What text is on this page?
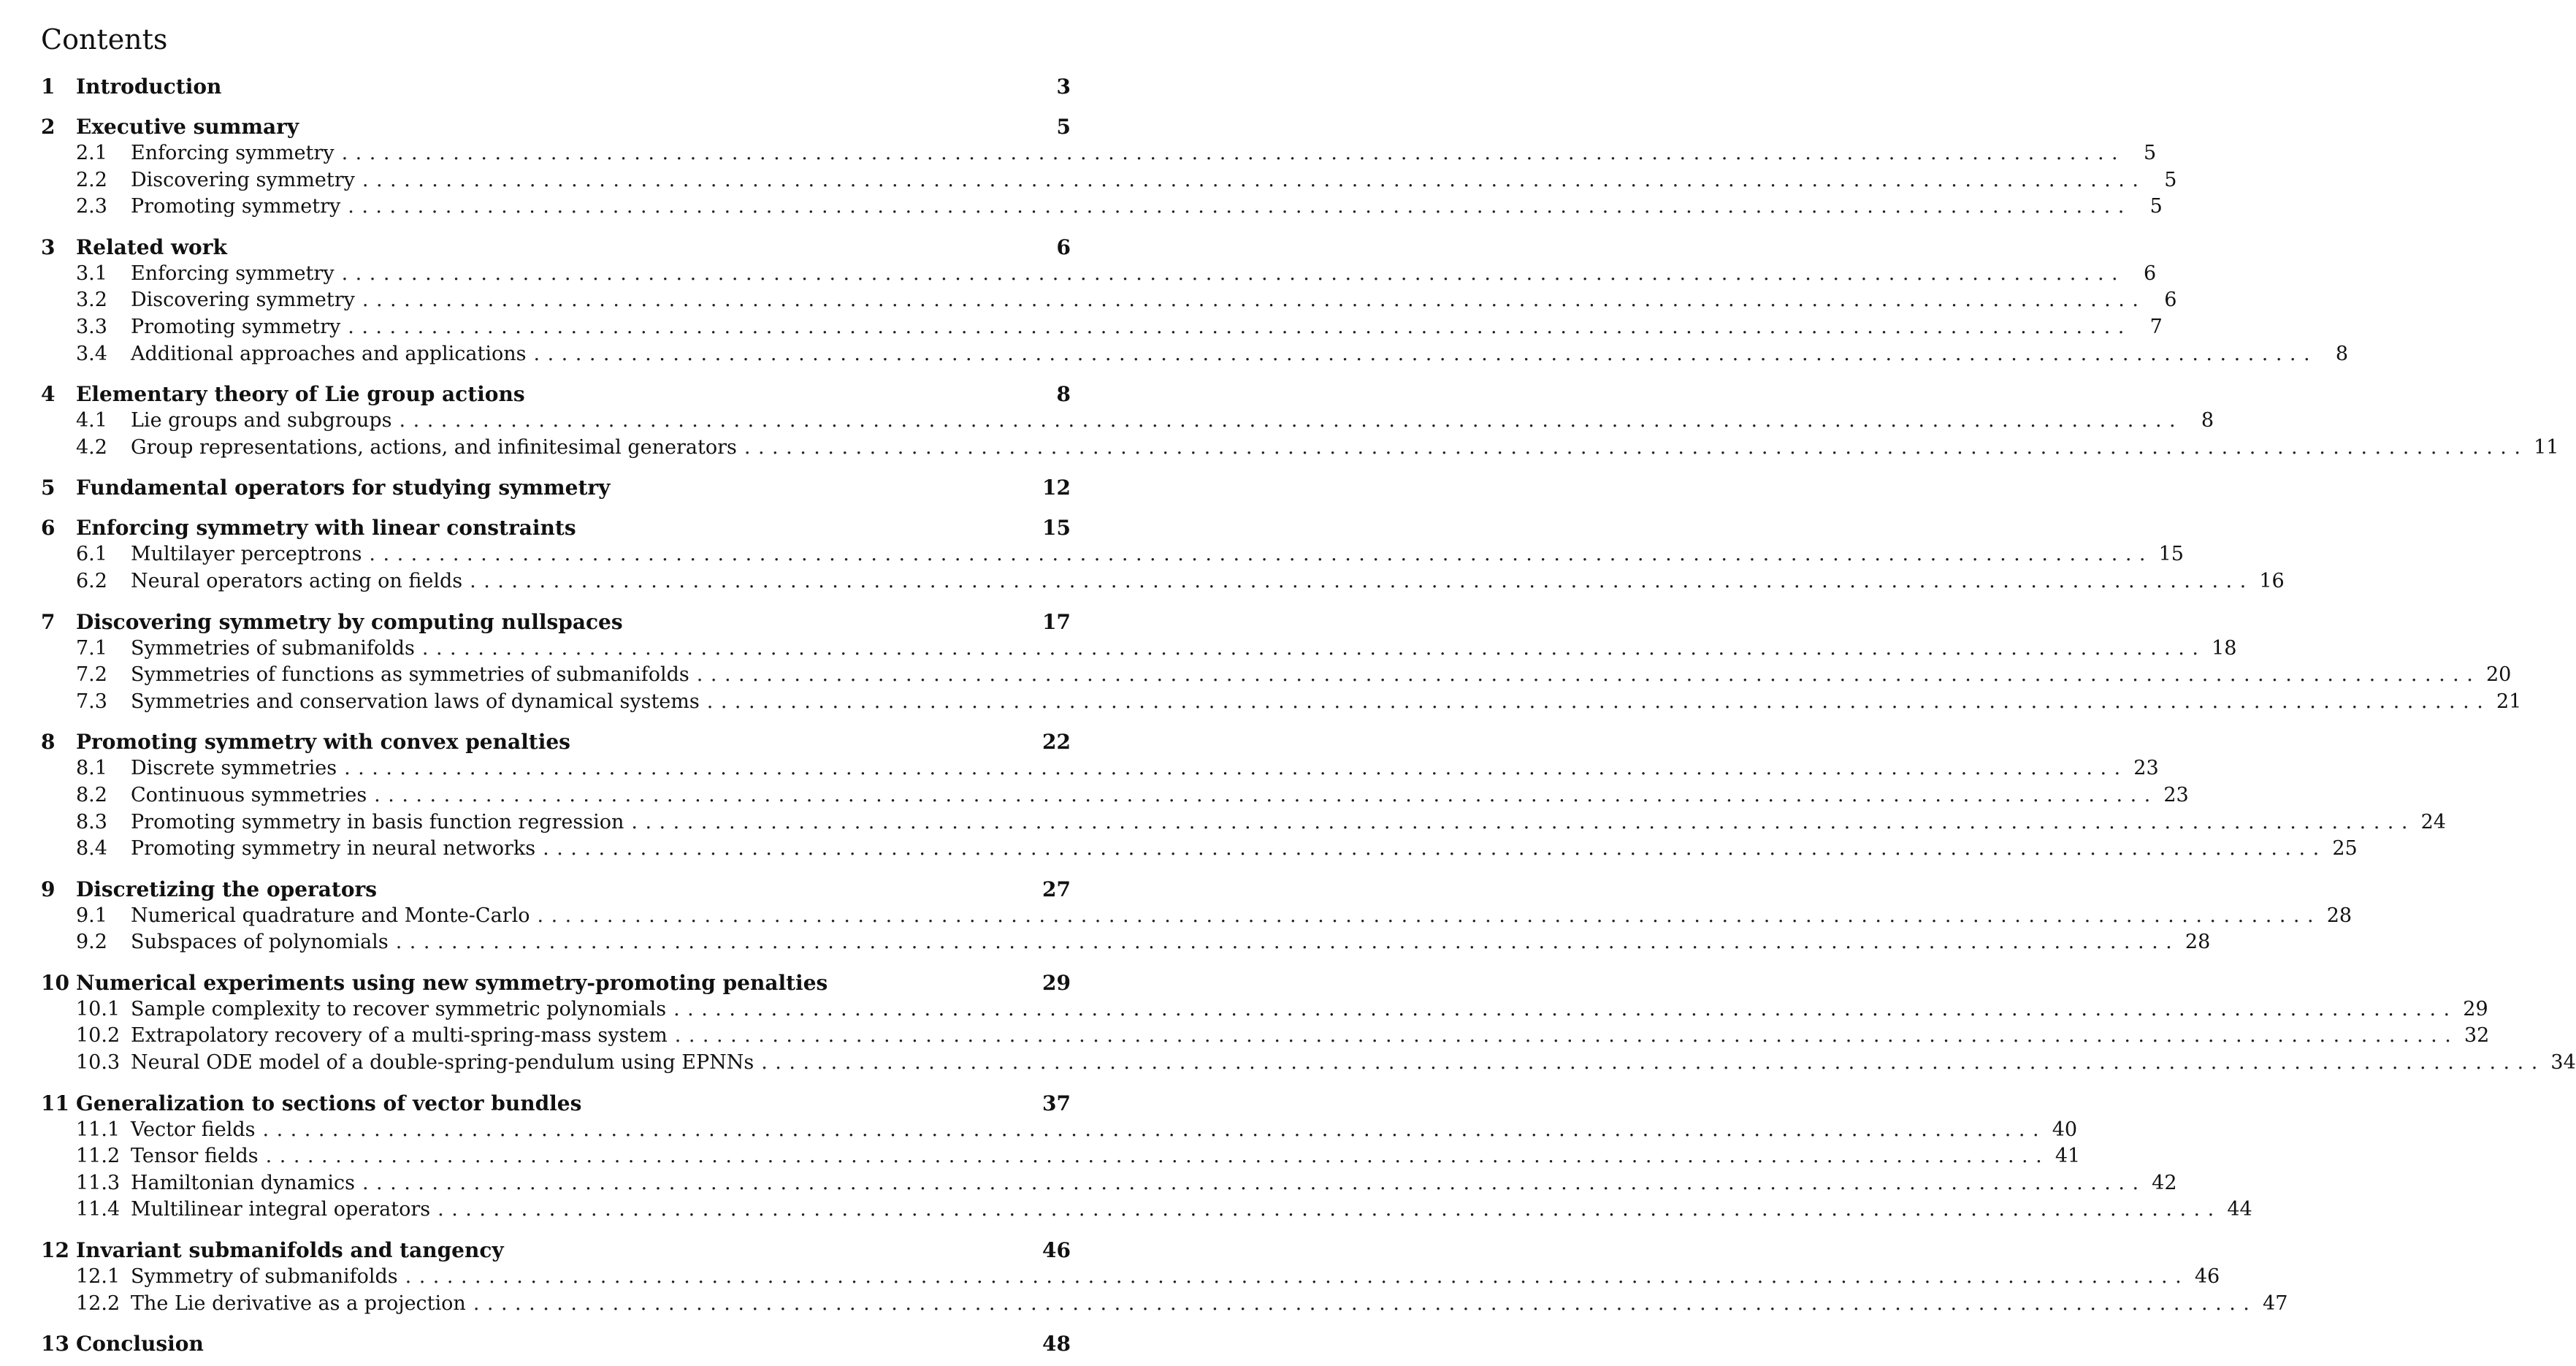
Contents
1	Introduction	3
2	Executive summary	5
2.1	Enforcing symmetry ................................................................................................................................ 5
2.2	Discovering symmetry ................................................................................................................................ 5
2.3	Promoting symmetry ................................................................................................................................ 5
3	Related work	6
3.1	Enforcing symmetry ................................................................................................................................ 6
3.2	Discovering symmetry ................................................................................................................................ 6
3.3	Promoting symmetry ................................................................................................................................ 7
3.4	Additional approaches and applications ................................................................................................................................ 8
4	Elementary theory of Lie group actions	8
4.1	Lie groups and subgroups ................................................................................................................................ 8
4.2	Group representations, actions, and infinitesimal generators ................................................................................................................................ 11
5	Fundamental operators for studying symmetry	12
6	Enforcing symmetry with linear constraints	15
6.1	Multilayer perceptrons ................................................................................................................................ 15
6.2	Neural operators acting on fields ................................................................................................................................ 16
7	Discovering symmetry by computing nullspaces	17
7.1	Symmetries of submanifolds ................................................................................................................................ 18
7.2	Symmetries of functions as symmetries of submanifolds ................................................................................................................................ 20
7.3	Symmetries and conservation laws of dynamical systems ................................................................................................................................ 21
8	Promoting symmetry with convex penalties	22
8.1	Discrete symmetries ................................................................................................................................ 23
8.2	Continuous symmetries ................................................................................................................................ 23
8.3	Promoting symmetry in basis function regression ................................................................................................................................ 24
8.4	Promoting symmetry in neural networks ................................................................................................................................ 25
9	Discretizing the operators	27
9.1	Numerical quadrature and Monte-Carlo ................................................................................................................................ 28
9.2	Subspaces of polynomials ................................................................................................................................ 28
10 Numerical experiments using new symmetry-promoting penalties	29
10.1 Sample complexity to recover symmetric polynomials ................................................................................................................................ 29
10.2 Extrapolatory recovery of a multi-spring-mass system ................................................................................................................................ 32
10.3 Neural ODE model of a double-spring-pendulum using EPNNs ................................................................................................................................ 34
11 Generalization to sections of vector bundles	37
11.1 Vector fields ................................................................................................................................ 40
11.2 Tensor fields ................................................................................................................................ 41
11.3 Hamiltonian dynamics ................................................................................................................................ 42
11.4 Multilinear integral operators ................................................................................................................................ 44
12 Invariant submanifolds and tangency	46
12.1 Symmetry of submanifolds ................................................................................................................................ 46
12.2 The Lie derivative as a projection ................................................................................................................................ 47
13 Conclusion	48
